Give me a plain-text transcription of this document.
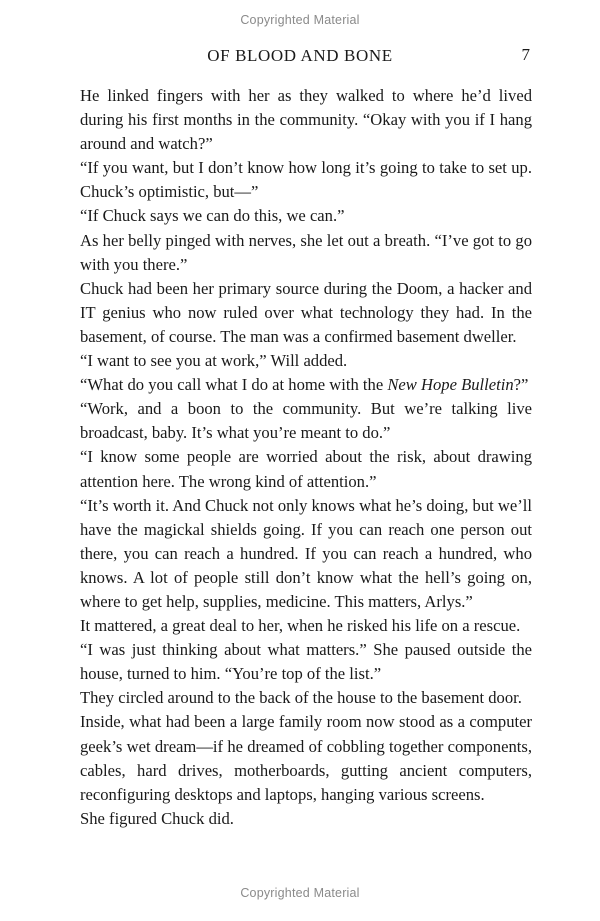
Copyrighted Material
OF BLOOD AND BONE	7

He linked fingers with her as they walked to where he’d lived during his first months in the community. “Okay with you if I hang around and watch?”

“If you want, but I don’t know how long it’s going to take to set up. Chuck’s optimistic, but—”

“If Chuck says we can do this, we can.”

As her belly pinged with nerves, she let out a breath. “I’ve got to go with you there.”

Chuck had been her primary source during the Doom, a hacker and IT genius who now ruled over what technology they had. In the basement, of course. The man was a confirmed basement dweller.

“I want to see you at work,” Will added.

“What do you call what I do at home with the New Hope Bulletin?”

“Work, and a boon to the community. But we’re talking live broadcast, baby. It’s what you’re meant to do.”

“I know some people are worried about the risk, about drawing attention here. The wrong kind of attention.”

“It’s worth it. And Chuck not only knows what he’s doing, but we’ll have the magickal shields going. If you can reach one person out there, you can reach a hundred. If you can reach a hundred, who knows. A lot of people still don’t know what the hell’s going on, where to get help, supplies, medicine. This matters, Arlys.”

It mattered, a great deal to her, when he risked his life on a rescue.

“I was just thinking about what matters.” She paused outside the house, turned to him. “You’re top of the list.”

They circled around to the back of the house to the basement door.

Inside, what had been a large family room now stood as a computer geek’s wet dream—if he dreamed of cobbling together components, cables, hard drives, motherboards, gutting ancient computers, reconfiguring desktops and laptops, hanging various screens.

She figured Chuck did.

Copyrighted Material
